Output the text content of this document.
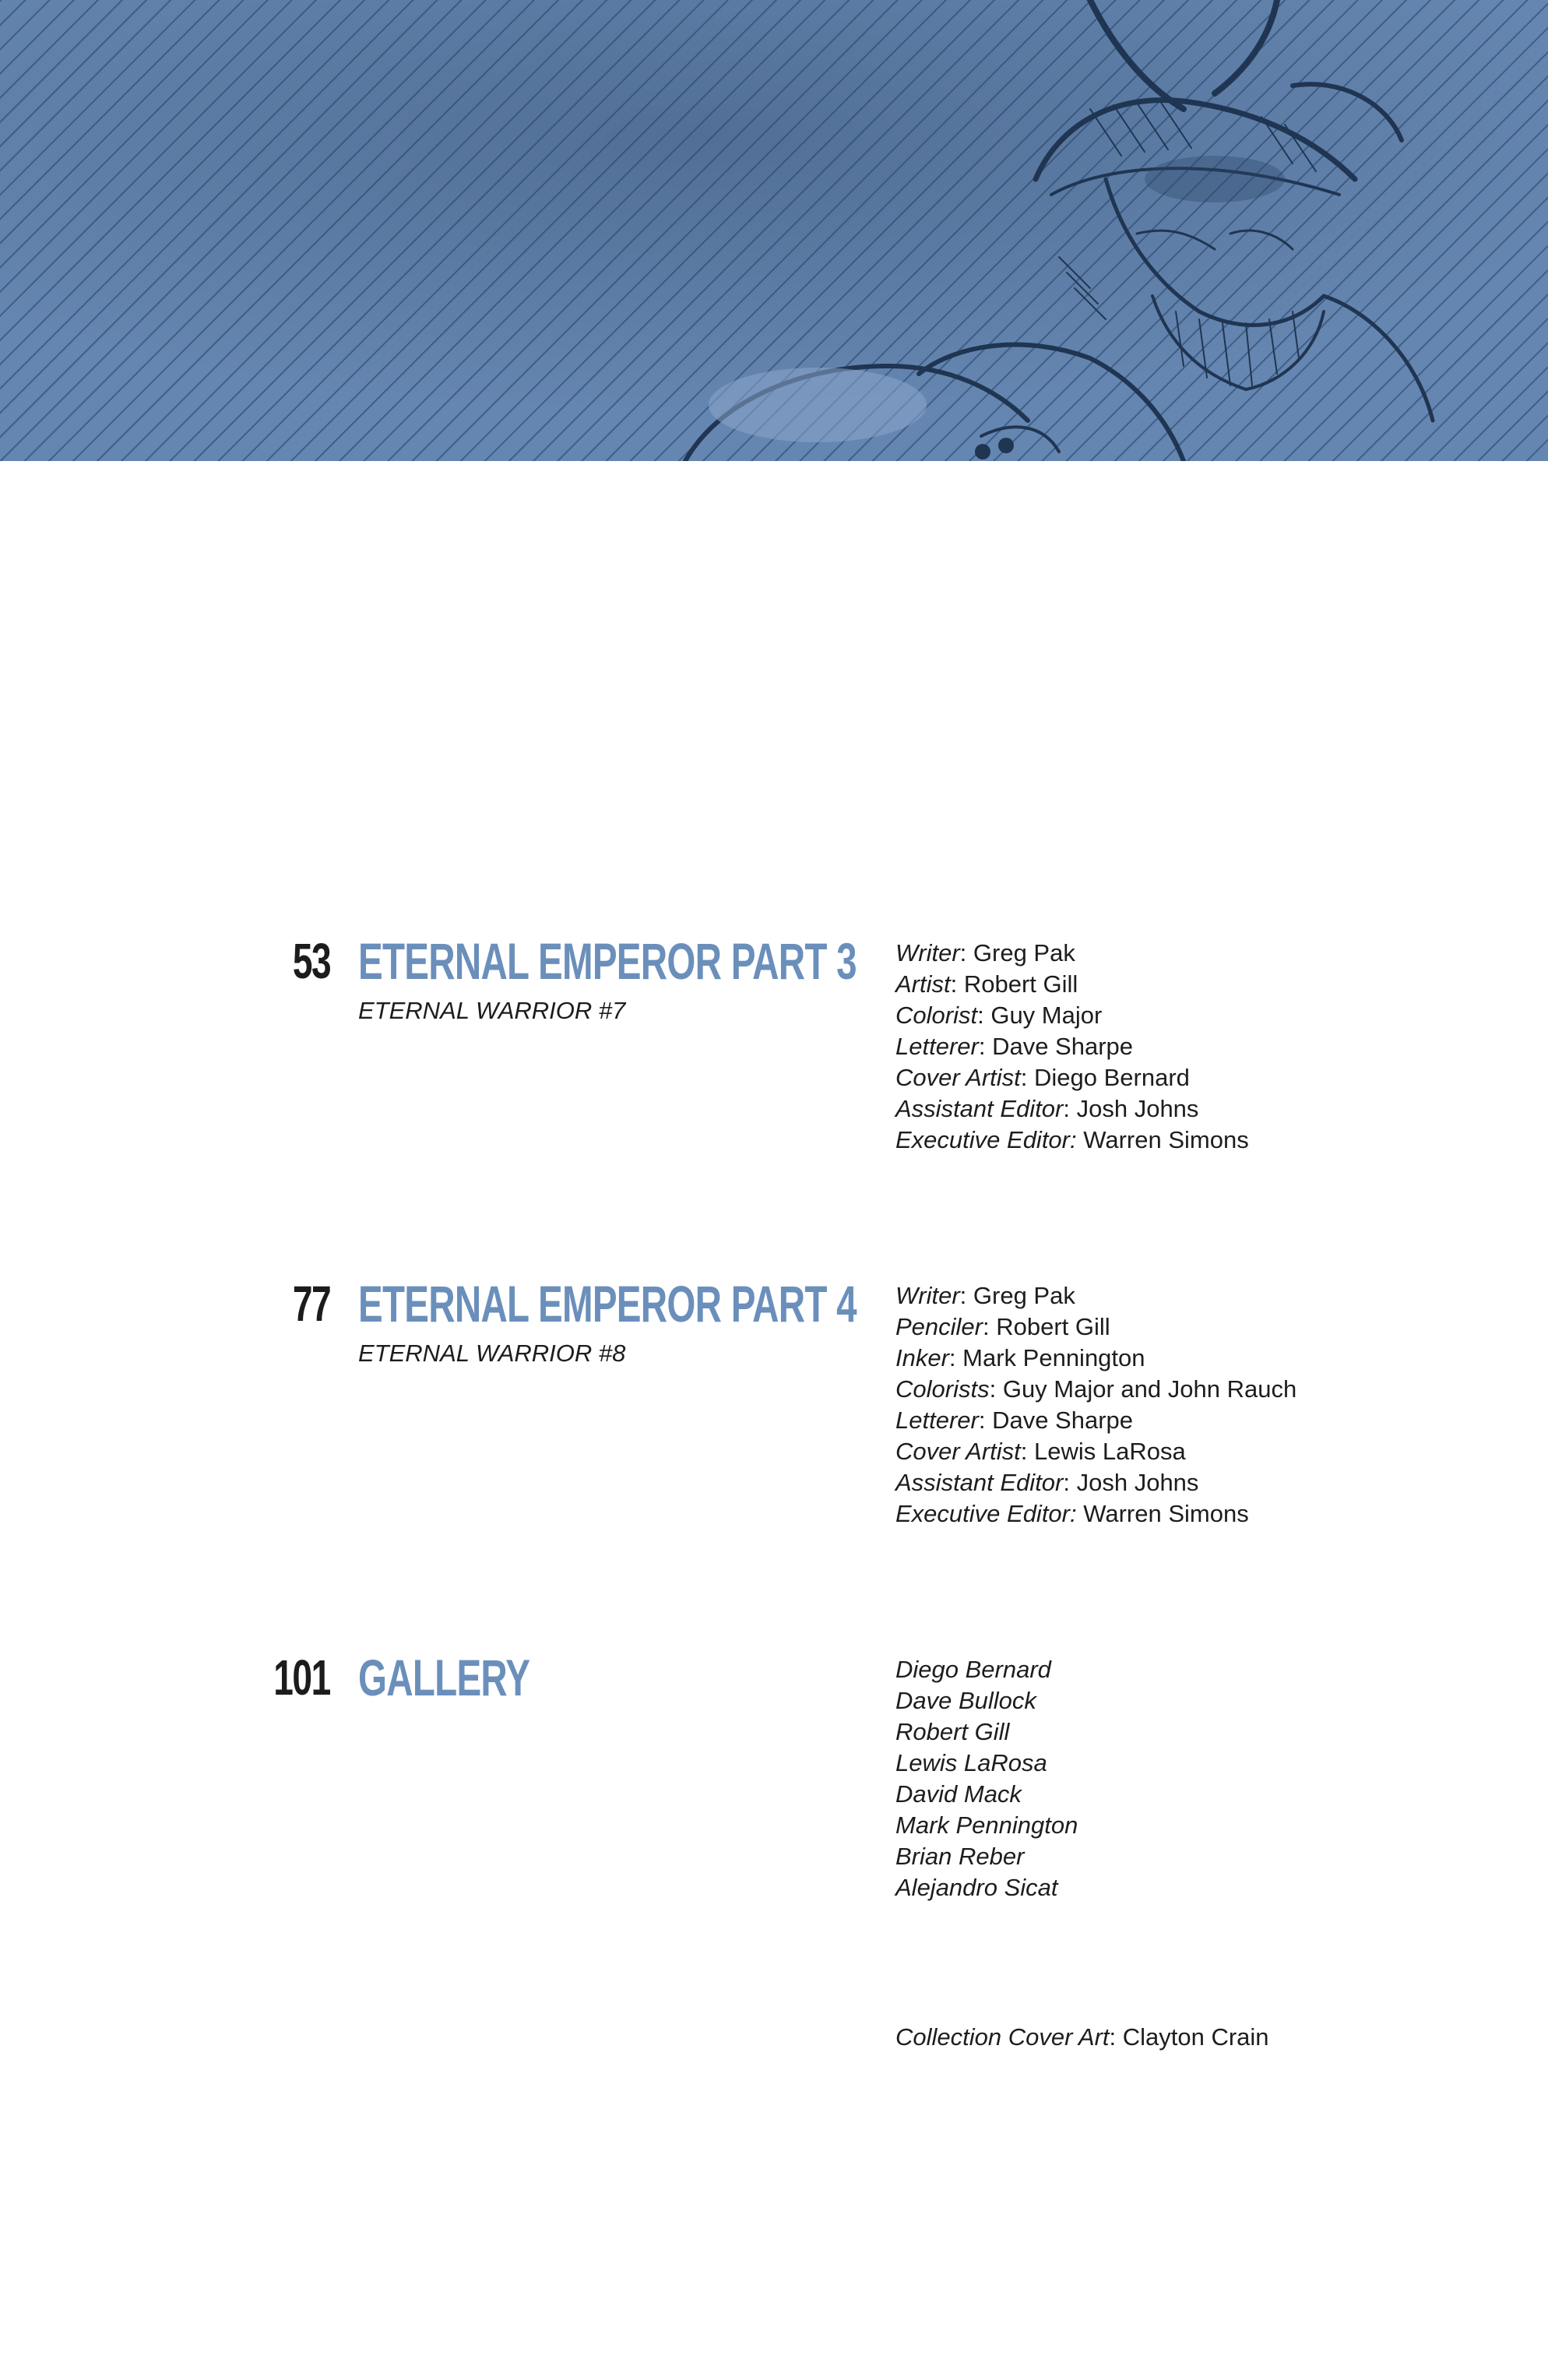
53 ETERNAL EMPEROR PART 3
ETERNAL WARRIOR #7
Writer: Greg Pak
Artist: Robert Gill
Colorist: Guy Major
Letterer: Dave Sharpe
Cover Artist: Diego Bernard
Assistant Editor: Josh Johns
Executive Editor: Warren Simons
77 ETERNAL EMPEROR PART 4
ETERNAL WARRIOR #8
Writer: Greg Pak
Penciler: Robert Gill
Inker: Mark Pennington
Colorists: Guy Major and John Rauch
Letterer: Dave Sharpe
Cover Artist: Lewis LaRosa
Assistant Editor: Josh Johns
Executive Editor: Warren Simons
101 GALLERY	Diego Bernard
Dave Bullock
Robert Gill
Lewis LaRosa
David Mack
Mark Pennington
Brian Reber
Alejandro Sicat
Collection Cover Art: Clayton Crain
